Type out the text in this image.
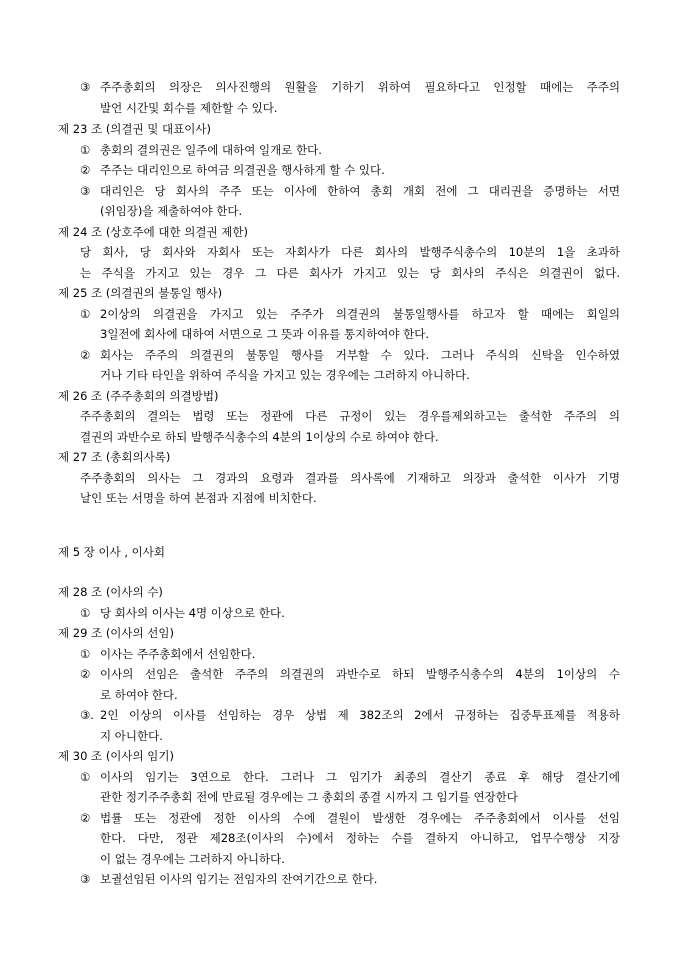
③ 주주총회의 의장은 의사진행의 원활을 기하기 위하여 필요하다고 인정할 때에는 주주의
발언 시간및 회수를 제한할 수 있다.
제 23 조 (의결권 및 대표이사)
① 총회의 결의권은 일주에 대하여 일개로 한다.
② 주주는 대리인으로 하여금 의결권을 행사하게 할 수 있다.
③ 대리인은 당 회사의 주주 또는 이사에 한하여 총회 개회 전에 그 대리권을 증명하는 서면
(위임장)을 제출하여야 한다.
제 24 조 (상호주에 대한 의결권 제한)
당 회사, 당 회사와 자회사 또는 자회사가 다른 회사의 발행주식총수의 10분의 1을 초과하
는 주식을 가지고 있는 경우 그 다른 회사가 가지고 있는 당 회사의 주식은 의결권이 없다.
제 25 조 (의결권의 불통일 행사)
① 2이상의 의결권을 가지고 있는 주주가 의결권의 불통일행사를 하고자 할 때에는 회일의
3일전에 회사에 대하여 서면으로 그 뜻과 이유를 통지하여야 한다.
② 회사는 주주의 의결권의 불통일 행사를 거부할 수 있다. 그러나 주식의 신탁을 인수하였
거나 기타 타인을 위하여 주식을 가지고 있는 경우에는 그러하지 아니하다.
제 26 조 (주주총회의 의결방법)
주주총회의 결의는 법령 또는 정관에 다른 규정이 있는 경우를제외하고는 출석한 주주의 의
결권의 과반수로 하되 발행주식총수의 4분의 1이상의 수로 하여야 한다.
제 27 조 (총회의사록)
주주총회의 의사는 그 경과의 요령과 결과를 의사록에 기재하고 의장과 출석한 이사가 기명
날인 또는 서명을 하여 본점과 지점에 비치한다.
제 5 장 이사 , 이사회
제 28 조 (이사의 수)
① 당 회사의 이사는 4명 이상으로 한다.
제 29 조 (이사의 선임)
① 이사는 주주총회에서 선임한다.
② 이사의 선임은 출석한 주주의 의결권의 과반수로 하되 발행주식총수의 4분의 1이상의 수
로 하여야 한다.
③. 2인 이상의 이사를 선임하는 경우 상법 제 382조의 2에서 규정하는 집중투표제를 적용하
지 아니한다.
제 30 조 (이사의 임기)
① 이사의 임기는 3연으로 한다. 그러나 그 임기가 최종의 결산기 종료 후 해당 결산기에
관한 정기주주총회 전에 만료될 경우에는 그 총회의 종결 시까지 그 임기를 연장한다
② 법률 또는 정관에 정한 이사의 수에 결원이 발생한 경우에는 주주총회에서 이사를 선임
한다. 다만, 정관 제28조(이사의 수)에서 정하는 수를 결하지 아니하고, 업무수행상 지장
이 없는 경우에는 그러하지 아니하다.
③ 보궐선임된 이사의 임기는 전임자의 잔여기간으로 한다.
